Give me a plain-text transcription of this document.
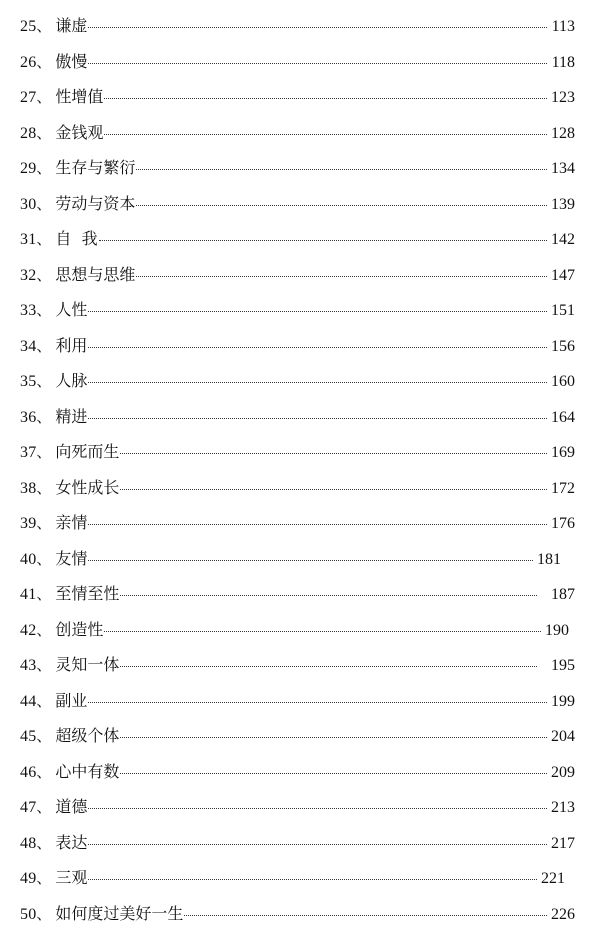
25 、 谦虚	113
26 、 傲慢	118
27 、 性增值	123
28 、 金钱观	128
29 、 生存与繁衍	134
30 、 劳动与资本	139
31 、 自  我	142
32 、 思想与思维	147
33 、 人性	151
34 、 利用	156
35 、 人脉	160
36 、 精进	164
37 、 向死而生	169
38 、 女性成长	172
39 、 亲情	176
40 、 友情	181
41 、 至情至性	187
42 、 创造性	190
43 、 灵知一体	195
44 、 副业	199
45 、 超级个体	204
46 、 心中有数	209
47 、 道德	213
48 、 表达	217
49 、 三观	221
50 、 如何度过美好一生	226
